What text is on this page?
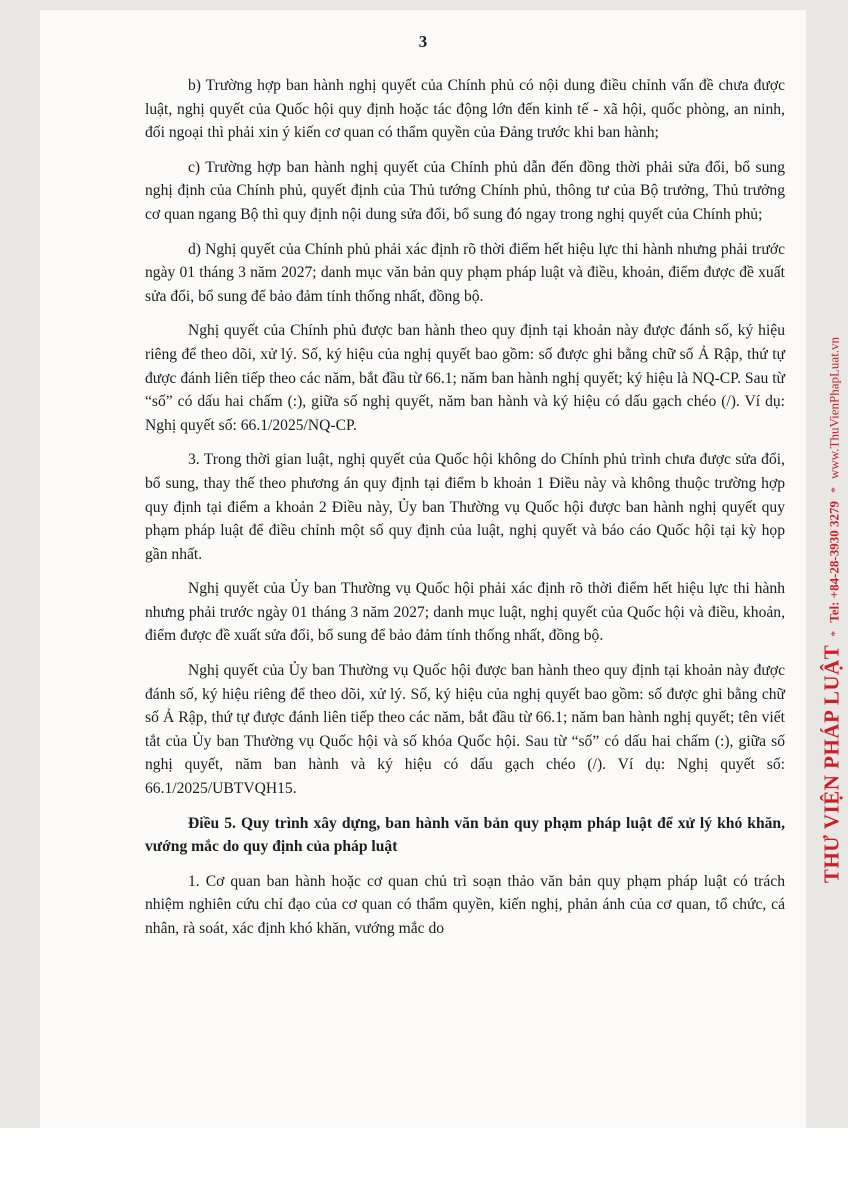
3

b) Trường hợp ban hành nghị quyết của Chính phủ có nội dung điều chỉnh vấn đề chưa được luật, nghị quyết của Quốc hội quy định hoặc tác động lớn đến kinh tế - xã hội, quốc phòng, an ninh, đối ngoại thì phải xin ý kiến cơ quan có thẩm quyền của Đảng trước khi ban hành;

c) Trường hợp ban hành nghị quyết của Chính phủ dẫn đến đồng thời phải sửa đổi, bổ sung nghị định của Chính phủ, quyết định của Thủ tướng Chính phủ, thông tư của Bộ trưởng, Thủ trưởng cơ quan ngang Bộ thì quy định nội dung sửa đổi, bổ sung đó ngay trong nghị quyết của Chính phủ;

d) Nghị quyết của Chính phủ phải xác định rõ thời điểm hết hiệu lực thi hành nhưng phải trước ngày 01 tháng 3 năm 2027; danh mục văn bản quy phạm pháp luật và điều, khoản, điểm được đề xuất sửa đổi, bổ sung để bảo đảm tính thống nhất, đồng bộ.

Nghị quyết của Chính phủ được ban hành theo quy định tại khoản này được đánh số, ký hiệu riêng để theo dõi, xử lý. Số, ký hiệu của nghị quyết bao gồm: số được ghi bằng chữ số Ả Rập, thứ tự được đánh liên tiếp theo các năm, bắt đầu từ 66.1; năm ban hành nghị quyết; ký hiệu là NQ-CP. Sau từ “số” có dấu hai chấm (:), giữa số nghị quyết, năm ban hành và ký hiệu có dấu gạch chéo (/). Ví dụ: Nghị quyết số: 66.1/2025/NQ-CP.

3. Trong thời gian luật, nghị quyết của Quốc hội không do Chính phủ trình chưa được sửa đổi, bổ sung, thay thế theo phương án quy định tại điểm b khoản 1 Điều này và không thuộc trường hợp quy định tại điểm a khoản 2 Điều này, Ủy ban Thường vụ Quốc hội được ban hành nghị quyết quy phạm pháp luật để điều chỉnh một số quy định của luật, nghị quyết và báo cáo Quốc hội tại kỳ họp gần nhất.

Nghị quyết của Ủy ban Thường vụ Quốc hội phải xác định rõ thời điểm hết hiệu lực thi hành nhưng phải trước ngày 01 tháng 3 năm 2027; danh mục luật, nghị quyết của Quốc hội và điều, khoản, điểm được đề xuất sửa đổi, bổ sung để bảo đảm tính thống nhất, đồng bộ.

Nghị quyết của Ủy ban Thường vụ Quốc hội được ban hành theo quy định tại khoản này được đánh số, ký hiệu riêng để theo dõi, xử lý. Số, ký hiệu của nghị quyết bao gồm: số được ghi bằng chữ số Ả Rập, thứ tự được đánh liên tiếp theo các năm, bắt đầu từ 66.1; năm ban hành nghị quyết; tên viết tắt của Ủy ban Thường vụ Quốc hội và số khóa Quốc hội. Sau từ “số” có dấu hai chấm (:), giữa số nghị quyết, năm ban hành và ký hiệu có dấu gạch chéo (/). Ví dụ: Nghị quyết số: 66.1/2025/UBTVQH15.

Điều 5. Quy trình xây dựng, ban hành văn bản quy phạm pháp luật để xử lý khó khăn, vướng mắc do quy định của pháp luật

1. Cơ quan ban hành hoặc cơ quan chủ trì soạn thảo văn bản quy phạm pháp luật có trách nhiệm nghiên cứu chỉ đạo của cơ quan có thẩm quyền, kiến nghị, phản ánh của cơ quan, tổ chức, cá nhân, rà soát, xác định khó khăn, vướng mắc do

THƯ VIỆN PHÁP LUẬT * Tel: +84-28-3930 3279 * www.ThuVienPhapLuat.vn
